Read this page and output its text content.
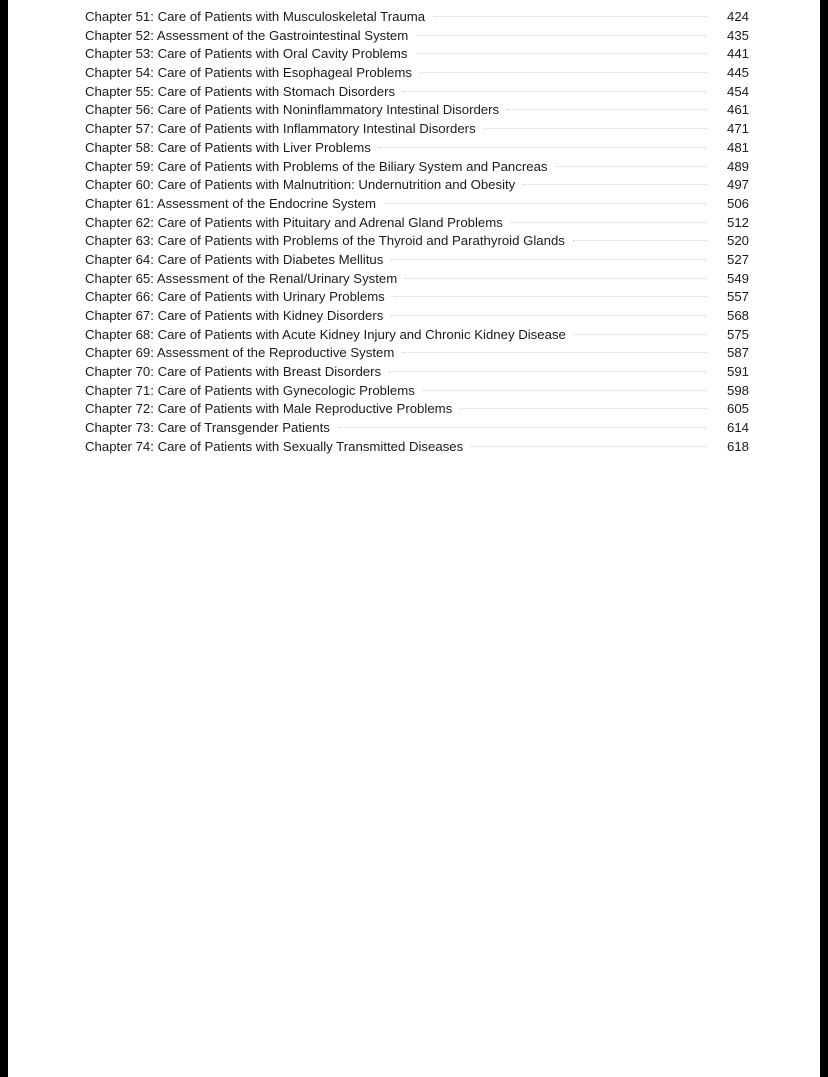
Chapter 51: Care of Patients with Musculoskeletal Trauma	424
Chapter 52: Assessment of the Gastrointestinal System	435
Chapter 53: Care of Patients with Oral Cavity Problems	441
Chapter 54: Care of Patients with Esophageal Problems	445
Chapter 55: Care of Patients with Stomach Disorders	454
Chapter 56: Care of Patients with Noninflammatory Intestinal Disorders	461
Chapter 57: Care of Patients with Inflammatory Intestinal Disorders	471
Chapter 58: Care of Patients with Liver Problems	481
Chapter 59: Care of Patients with Problems of the Biliary System and Pancreas	489
Chapter 60: Care of Patients with Malnutrition: Undernutrition and Obesity	497
Chapter 61: Assessment of the Endocrine System	506
Chapter 62: Care of Patients with Pituitary and Adrenal Gland Problems	512
Chapter 63: Care of Patients with Problems of the Thyroid and Parathyroid Glands	520
Chapter 64: Care of Patients with Diabetes Mellitus	527
Chapter 65: Assessment of the Renal/Urinary System	549
Chapter 66: Care of Patients with Urinary Problems	557
Chapter 67: Care of Patients with Kidney Disorders	568
Chapter 68: Care of Patients with Acute Kidney Injury and Chronic Kidney Disease	575
Chapter 69: Assessment of the Reproductive System	587
Chapter 70: Care of Patients with Breast Disorders	591
Chapter 71: Care of Patients with Gynecologic Problems	598
Chapter 72: Care of Patients with Male Reproductive Problems	605
Chapter 73: Care of Transgender Patients	614
Chapter 74: Care of Patients with Sexually Transmitted Diseases	618
